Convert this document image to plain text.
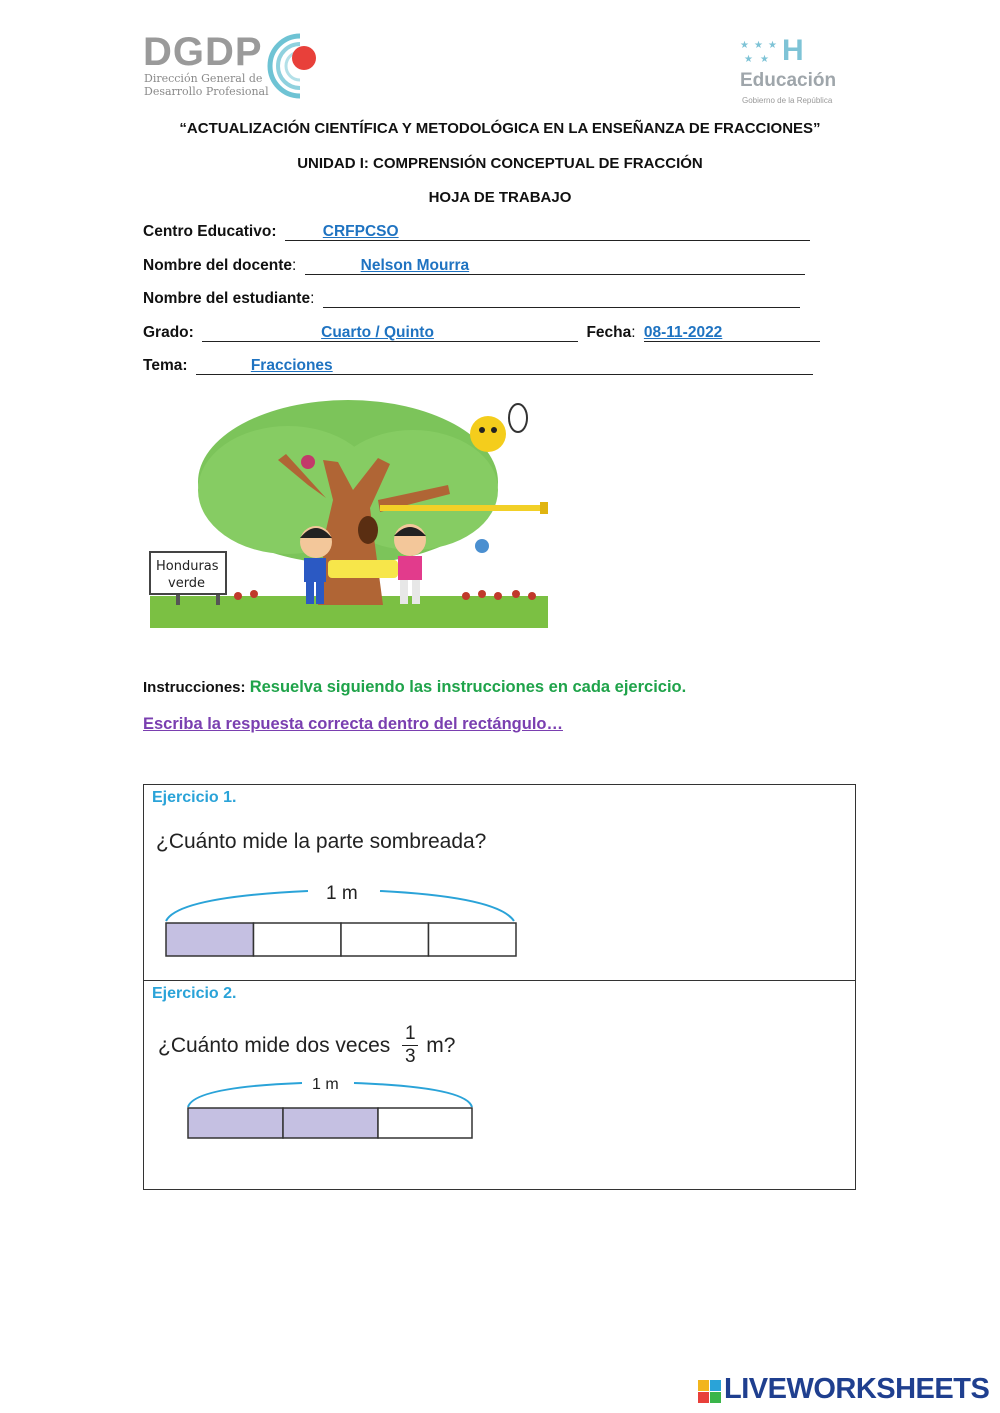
DGDP
Dirección General de
Desarrollo Profesional
★ ★ ★
★ ★ H
Educación
Gobierno de la República
“ACTUALIZACIÓN CIENTÍFICA Y METODOLÓGICA EN LA ENSEÑANZA DE FRACCIONES”
UNIDAD I: COMPRENSIÓN CONCEPTUAL DE FRACCIÓN
HOJA DE TRABAJO
Centro Educativo:	CRFPCSO
Nombre del docente:	Nelson Mourra
Nombre del estudiante:
Grado:	Cuarto / Quinto	Fecha: 08-11-2022
Tema:	Fracciones
Honduras
verde
Instrucciones: Resuelva siguiendo las instrucciones en cada ejercicio.
Escriba la respuesta correcta dentro del rectángulo…
Ejercicio 1.
¿Cuánto mide la parte sombreada?
1 m
Ejercicio 2.
¿Cuánto mide dos veces 1
3 m?
1 m
LIVEWORKSHEETS
